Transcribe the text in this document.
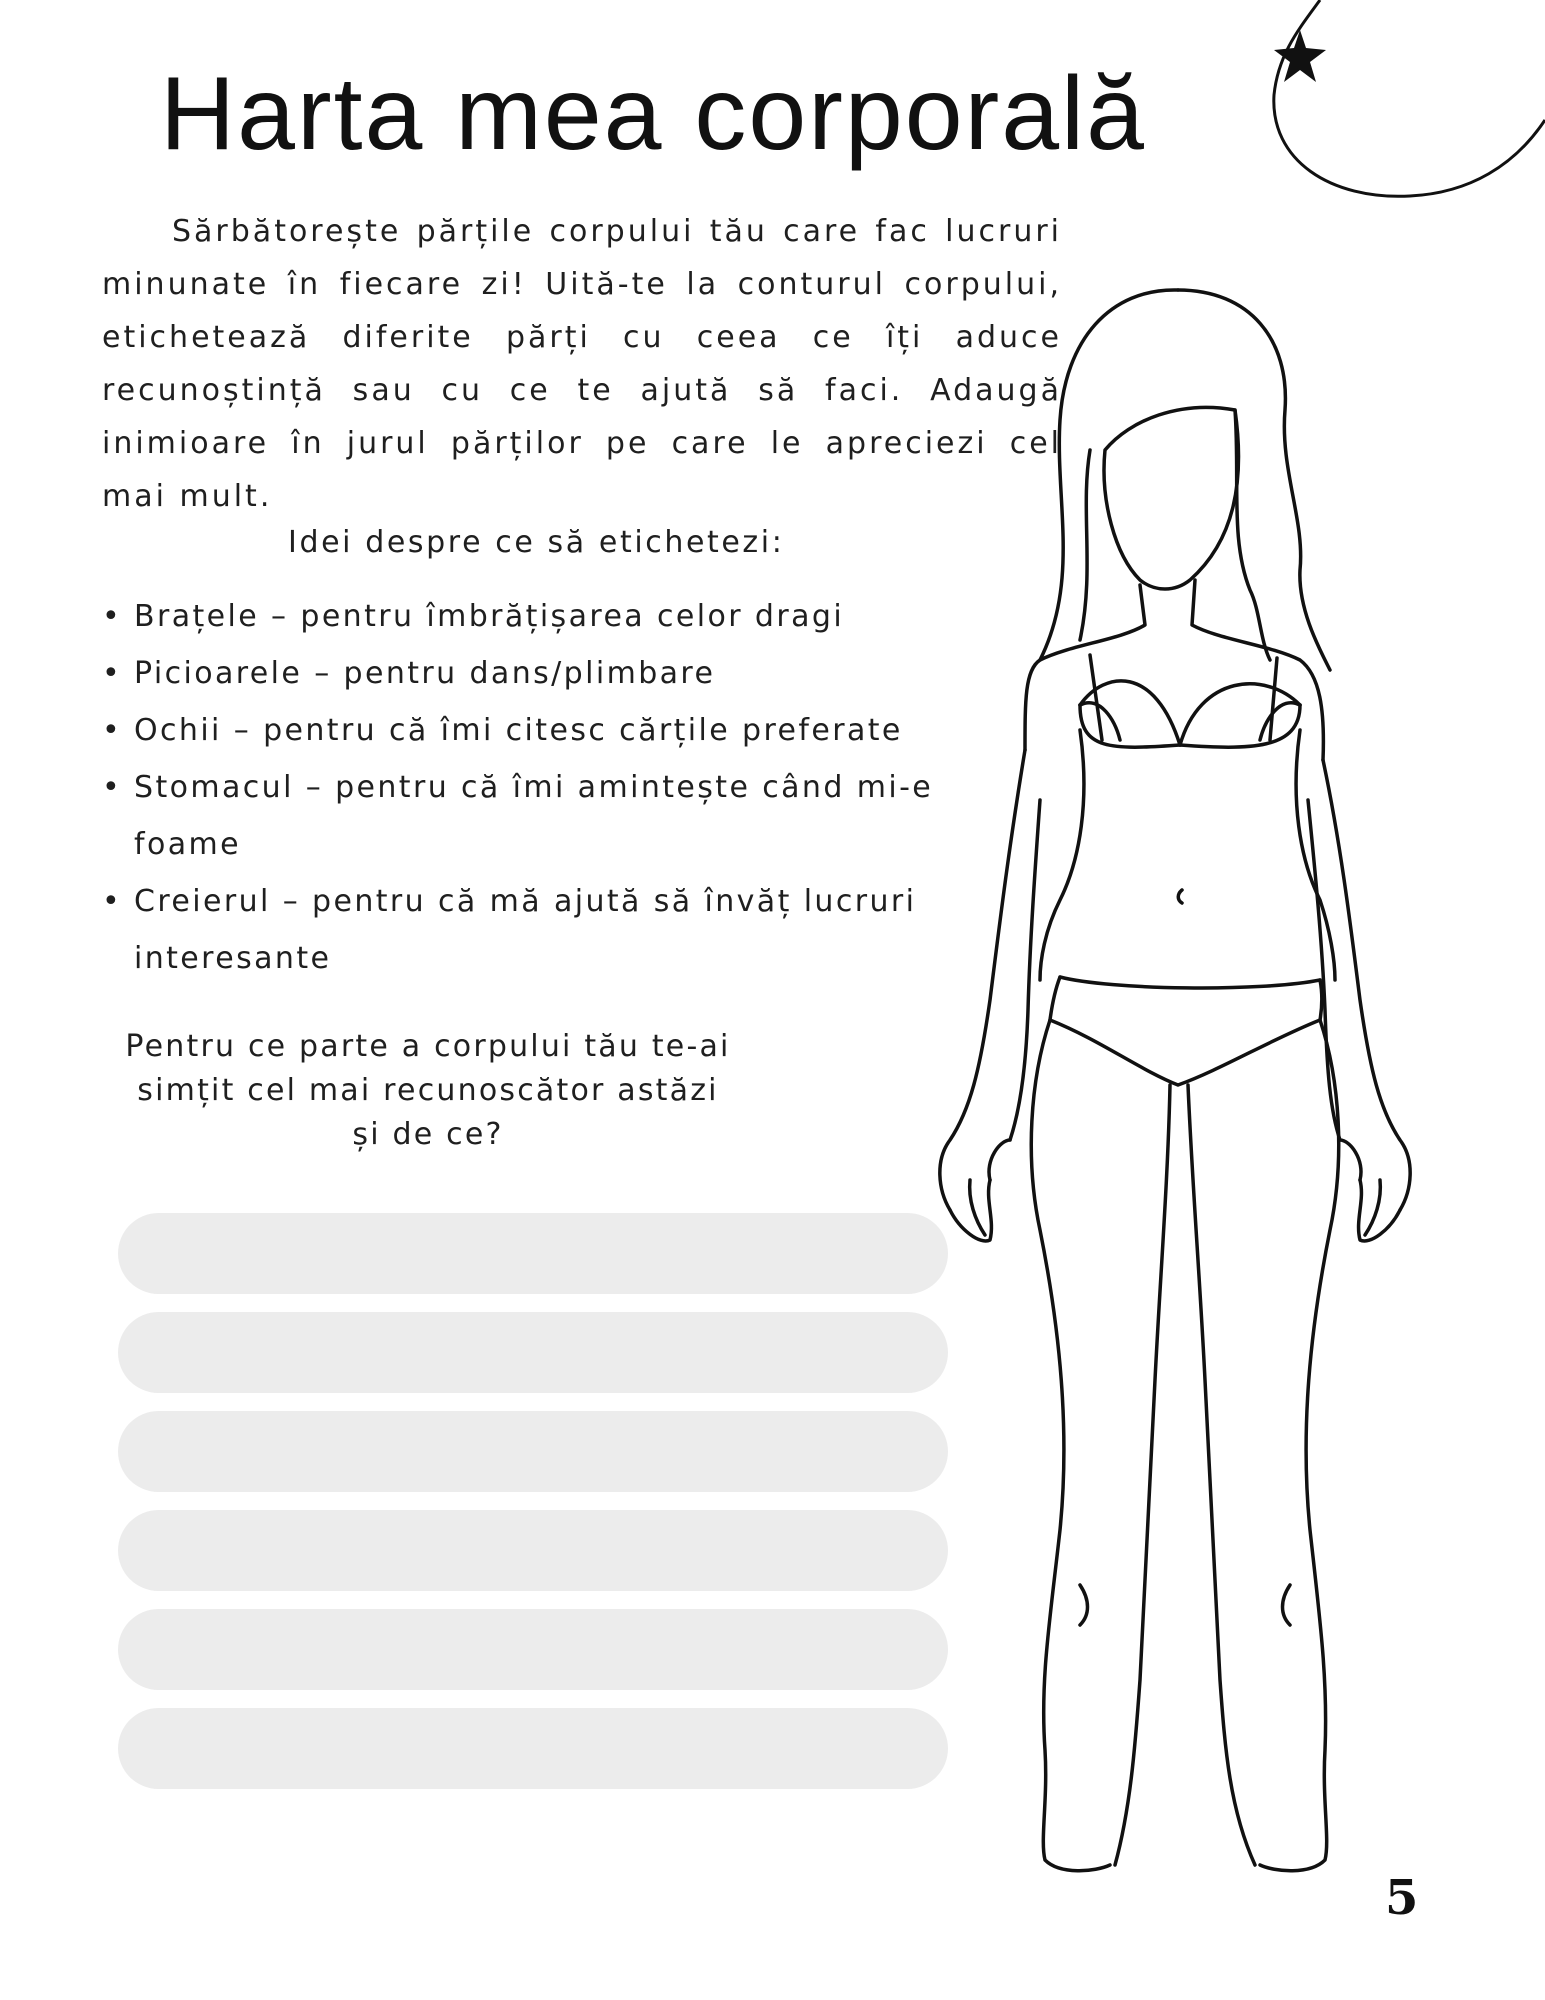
Harta mea corporală

Sărbătorește părțile corpului tău care fac lucruri minunate în fiecare zi! Uită-te la conturul corpului, etichetează diferite părți cu ceea ce îți aduce recunoștință sau cu ce te ajută să faci. Adaugă inimioare în jurul părților pe care le apreciezi cel mai mult.

Idei despre ce să etichetezi:

• Brațele – pentru îmbrățișarea celor dragi
• Picioarele – pentru dans/plimbare
• Ochii – pentru că îmi citesc cărțile preferate
• Stomacul – pentru că îmi amintește când mi-e foame
• Creierul – pentru că mă ajută să învăț lucruri interesante

Pentru ce parte a corpului tău te-ai simțit cel mai recunoscător astăzi și de ce?

5
